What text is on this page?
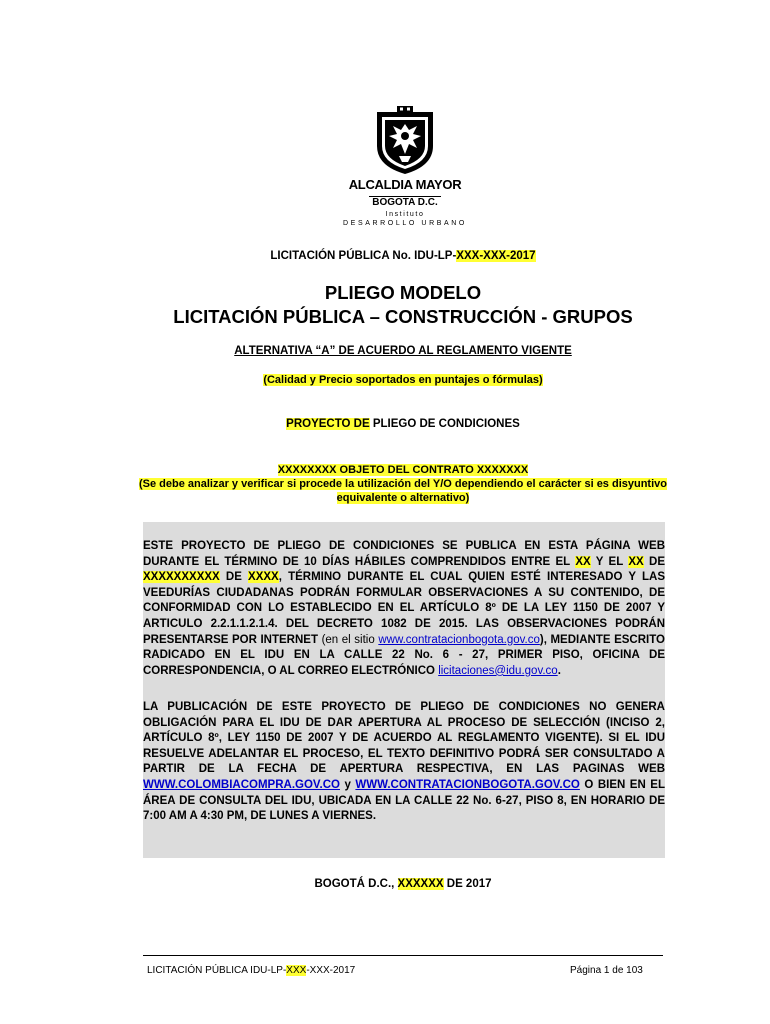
ALCALDIA MAYOR
BOGOTA D.C.
Instituto
DESARROLLO URBANO
LICITACIÓN PÚBLICA No. IDU-LP-XXX-XXX-2017
PLIEGO MODELO
LICITACIÓN PÚBLICA – CONSTRUCCIÓN - GRUPOS
ALTERNATIVA “A” DE ACUERDO AL REGLAMENTO VIGENTE
(Calidad y Precio soportados en puntajes o fórmulas)
PROYECTO DE PLIEGO DE CONDICIONES
XXXXXXXX OBJETO DEL CONTRATO XXXXXXX
(Se debe analizar y verificar si procede la utilización del Y/O dependiendo el carácter si es disyuntivo equivalente o alternativo)

ESTE PROYECTO DE PLIEGO DE CONDICIONES SE PUBLICA EN ESTA PÁGINA WEB DURANTE EL TÉRMINO DE 10 DÍAS HÁBILES COMPRENDIDOS ENTRE EL XX Y EL XX DE XXXXXXXXXX DE XXXX, TÉRMINO DURANTE EL CUAL QUIEN ESTÉ INTERESADO Y LAS VEEDURÍAS CIUDADANAS PODRÁN FORMULAR OBSERVACIONES A SU CONTENIDO, DE CONFORMIDAD CON LO ESTABLECIDO EN EL ARTÍCULO 8º DE LA LEY 1150 DE 2007 Y ARTICULO 2.2.1.1.2.1.4. DEL DECRETO 1082 DE 2015. LAS OBSERVACIONES PODRÁN PRESENTARSE POR INTERNET (en el sitio www.contratacionbogota.gov.co), MEDIANTE ESCRITO RADICADO EN EL IDU EN LA CALLE 22 No. 6 - 27, PRIMER PISO, OFICINA DE CORRESPONDENCIA, O AL CORREO ELECTRÓNICO licitaciones@idu.gov.co.

LA PUBLICACIÓN DE ESTE PROYECTO DE PLIEGO DE CONDICIONES NO GENERA OBLIGACIÓN PARA EL IDU DE DAR APERTURA AL PROCESO DE SELECCIÓN (INCISO 2, ARTÍCULO 8º, LEY 1150 DE 2007 Y DE ACUERDO AL REGLAMENTO VIGENTE). SI EL IDU RESUELVE ADELANTAR EL PROCESO, EL TEXTO DEFINITIVO PODRÁ SER CONSULTADO A PARTIR DE LA FECHA DE APERTURA RESPECTIVA, EN LAS PAGINAS WEB WWW.COLOMBIACOMPRA.GOV.CO y WWW.CONTRATACIONBOGOTA.GOV.CO O BIEN EN EL ÁREA DE CONSULTA DEL IDU, UBICADA EN LA CALLE 22 No. 6-27, PISO 8, EN HORARIO DE 7:00 AM A 4:30 PM, DE LUNES A VIERNES.

BOGOTÁ D.C., XXXXXX DE 2017
LICITACIÓN PÚBLICA IDU-LP-XXX-XXX-2017	Página 1 de 103
